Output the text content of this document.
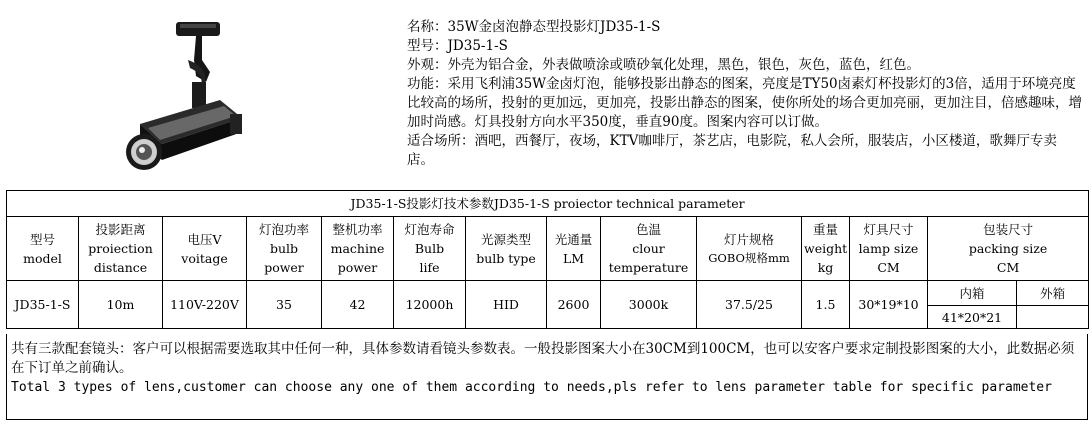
名称：35W金卤泡静态型投影灯JD35-1-S

型号：JD35-1-S

外观：外壳为铝合金，外表做喷涂或喷砂氧化处理，黑色，银色，灰色，蓝色，红色。

功能：采用飞利浦35W金卤灯泡，能够投影出静态的图案，亮度是TY50卤素灯杯投影灯的3倍，适用于环境亮度比较高的场所，投射的更加远，更加亮，投影出静态的图案，使你所处的场合更加亮丽，更加注目，倍感趣味，增加时尚感。灯具投射方向水平350度，垂直90度。图案内容可以订做。

适合场所：酒吧，西餐厅，夜场，KTV咖啡厅，茶艺店，电影院，私人会所，服装店，小区楼道，歌舞厅专卖店。

JD35-1-S投影灯技术参数JD35-1-S proiector technical parameter													

型号
model	投影距离
proiection
distance	电压V
voitage	灯泡功率
bulb
power	整机功率
machine
power	灯泡寿命
Bulb
life	光源类型
bulb type	光通量
LM	色温
clour
temperature	灯片规格
GOBO规格mm	重量
weight
kg	灯具尺寸
lamp size
CM	包装尺寸
packing size
CM	

JD35-1-S	10m	110V-220V	35	42	12000h	HID	2600	3000k	37.5/25	1.5	30*19*10	内箱	外箱
												41*20*21	

共有三款配套镜头：客户可以根据需要选取其中任何一种，具体参数请看镜头参数表。一般投影图案大小在30CM到100CM，也可以安客户要求定制投影图案的大小，此数据必须在下订单之前确认。

Total 3 types of lens,customer can choose any one of them according to needs,pls refer to lens parameter table for specific parameter
